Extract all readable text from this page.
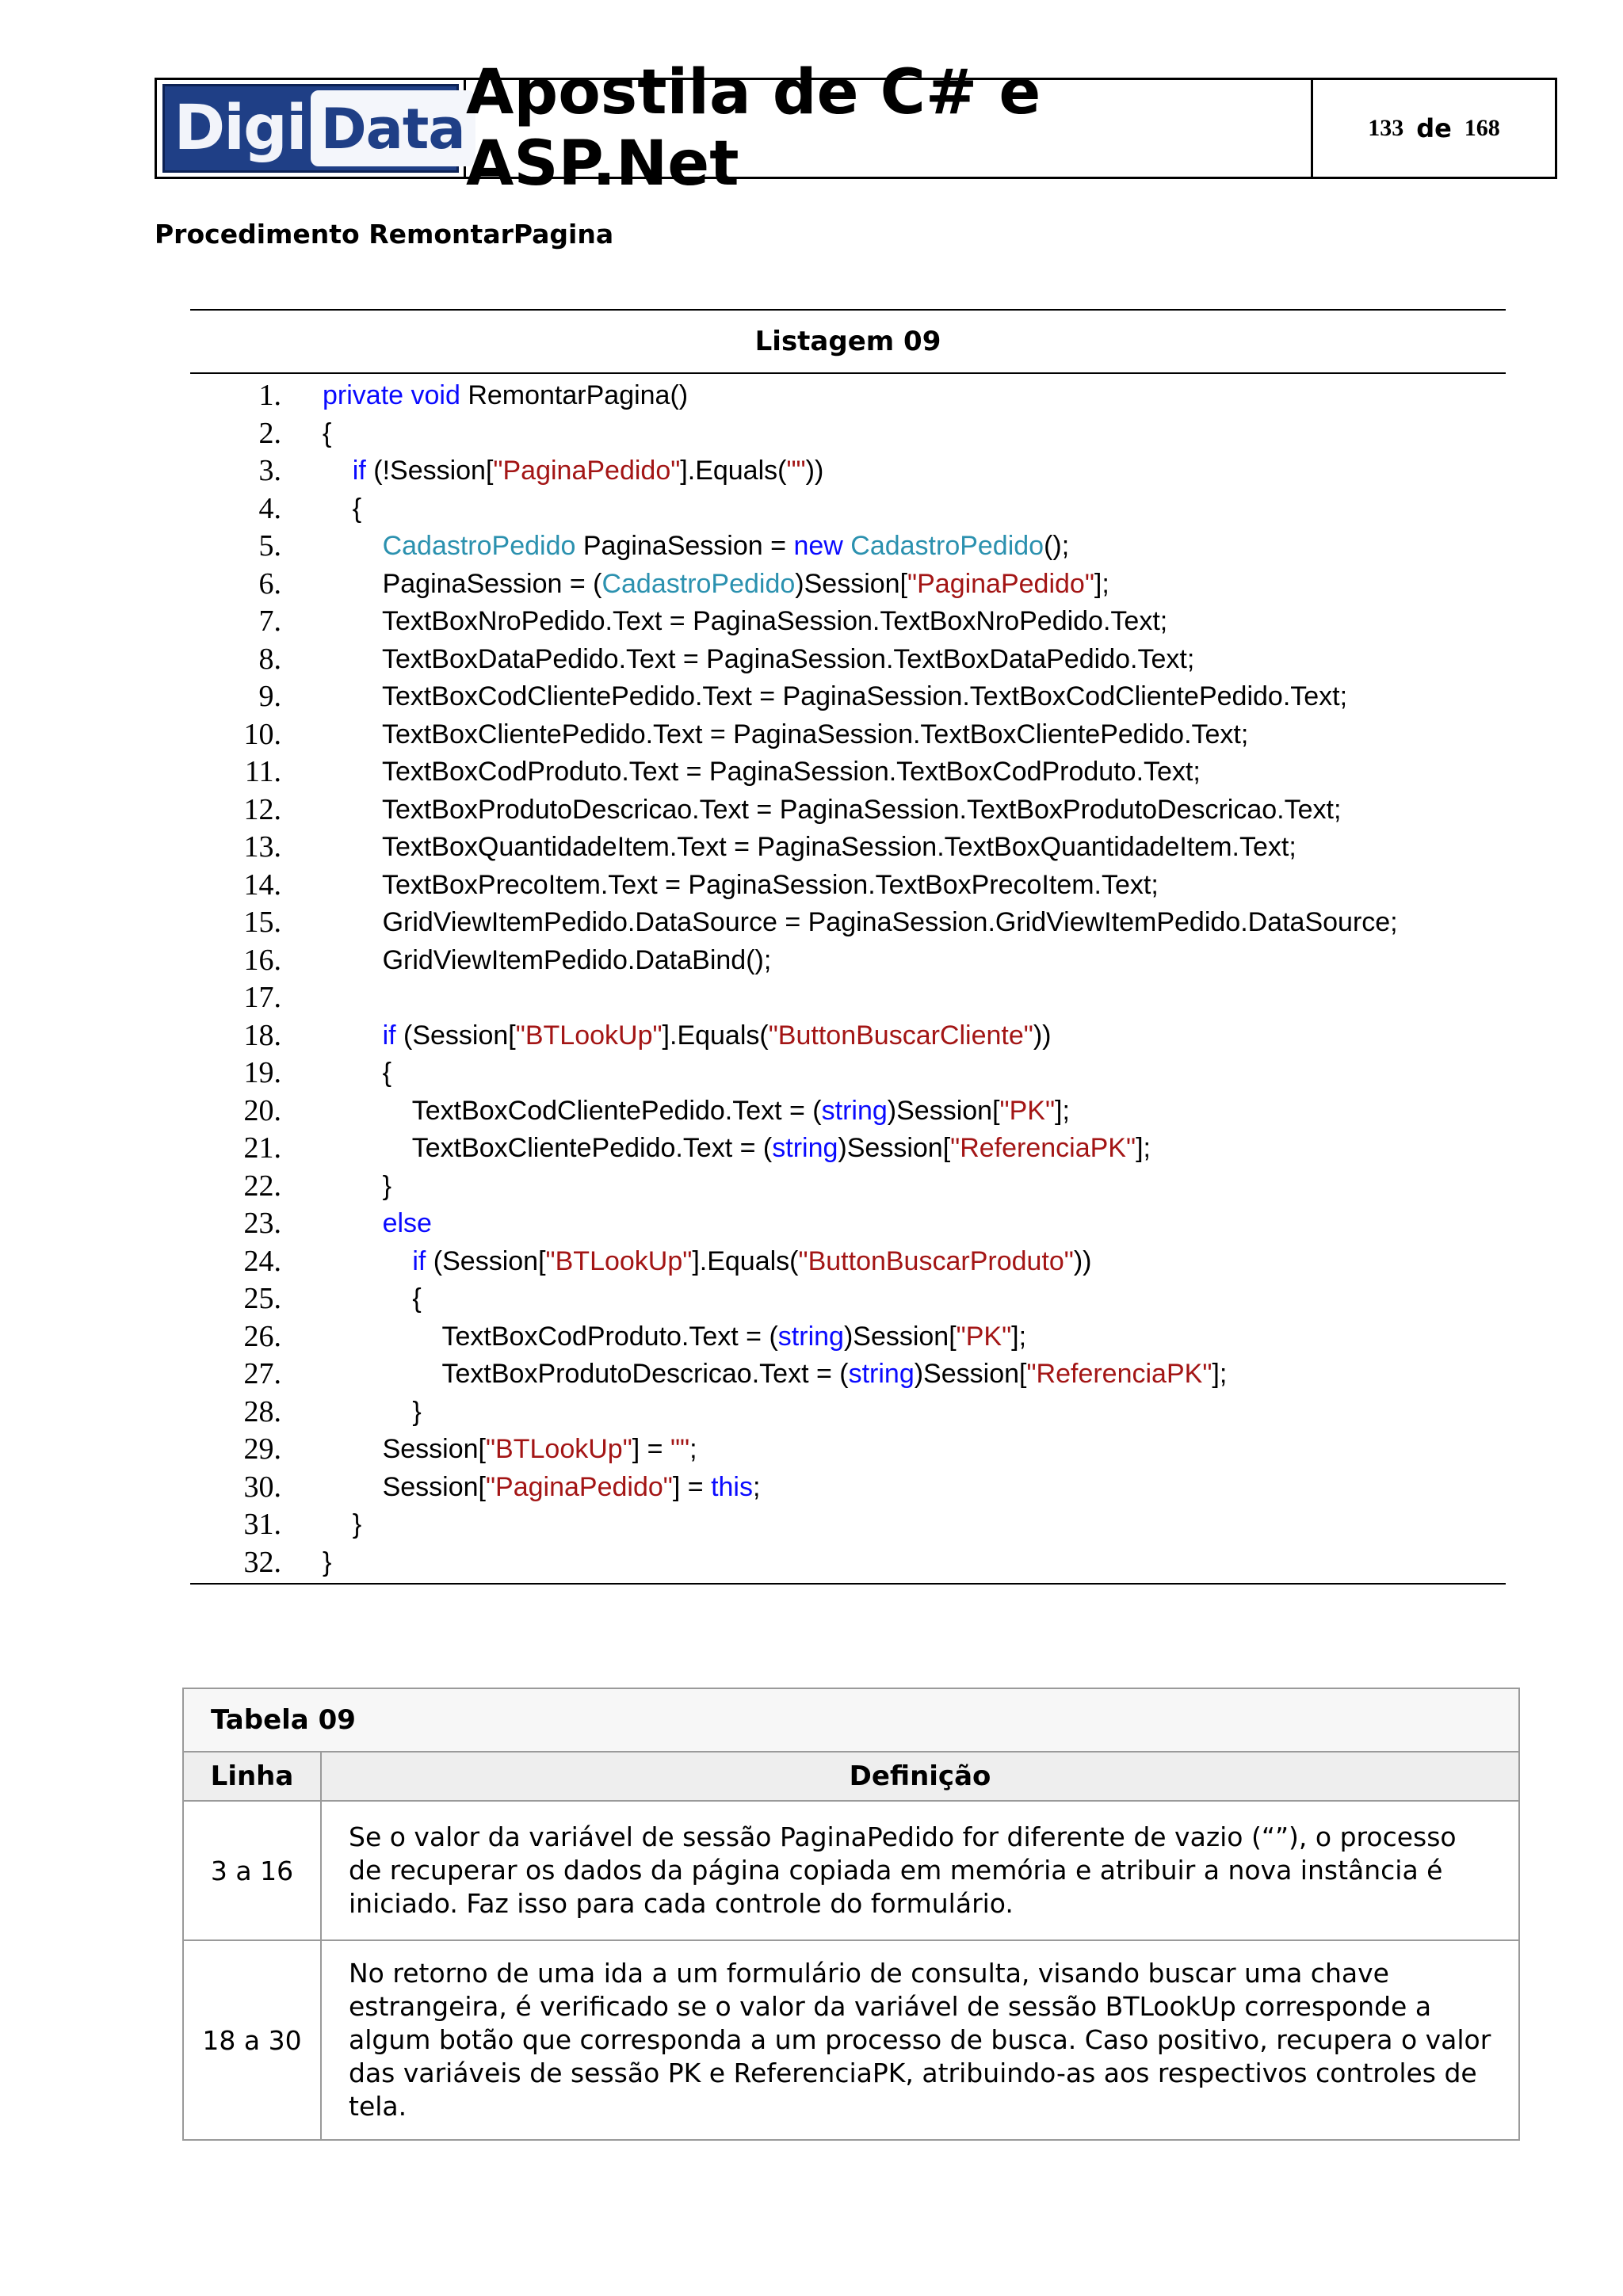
Digi Data
Apostila de C# e ASP.Net
133 de 168
Procedimento RemontarPagina
Listagem 09
1. private void RemontarPagina()
2. {
3.	if (!Session["PaginaPedido"].Equals(""))
4. {
5.	CadastroPedido PaginaSession = new CadastroPedido();
6. PaginaSession = (CadastroPedido)Session["PaginaPedido"];
7. TextBoxNroPedido.Text = PaginaSession.TextBoxNroPedido.Text;
8. TextBoxDataPedido.Text = PaginaSession.TextBoxDataPedido.Text;
9. TextBoxCodClientePedido.Text = PaginaSession.TextBoxCodClientePedido.Text;
10. TextBoxClientePedido.Text = PaginaSession.TextBoxClientePedido.Text;
11. TextBoxCodProduto.Text = PaginaSession.TextBoxCodProduto.Text;
12. TextBoxProdutoDescricao.Text = PaginaSession.TextBoxProdutoDescricao.Text;
13. TextBoxQuantidadeItem.Text = PaginaSession.TextBoxQuantidadeItem.Text;
14. TextBoxPrecoItem.Text = PaginaSession.TextBoxPrecoItem.Text;
15. GridViewItemPedido.DataSource = PaginaSession.GridViewItemPedido.DataSource;
16. GridViewItemPedido.DataBind();
17.
18.	if (Session["BTLookUp"].Equals("ButtonBuscarCliente"))
19. {
20. TextBoxCodClientePedido.Text = (string)Session["PK"];
21. TextBoxClientePedido.Text = (string)Session["ReferenciaPK"];
22. }
23.	else
24.	if (Session["BTLookUp"].Equals("ButtonBuscarProduto"))
25. {
26. TextBoxCodProduto.Text = (string)Session["PK"];
27. TextBoxProdutoDescricao.Text = (string)Session["ReferenciaPK"];
28. }
29. Session["BTLookUp"] = "";
30. Session["PaginaPedido"] = this;
31. }
32. }
Tabela 09	
Linha	Definição
3 a 16	Se o valor da variável de sessão PaginaPedido for diferente de vazio (“”), o processo de recuperar os dados da página copiada em memória e atribuir a nova instância é iniciado. Faz isso para cada controle do formulário.
18 a 30	No retorno de uma ida a um formulário de consulta, visando buscar uma chave estrangeira, é verificado se o valor da variável de sessão BTLookUp corresponde a algum botão que corresponda a um processo de busca. Caso positivo, recupera o valor das variáveis de sessão PK e ReferenciaPK, atribuindo-as aos respectivos controles de tela.
